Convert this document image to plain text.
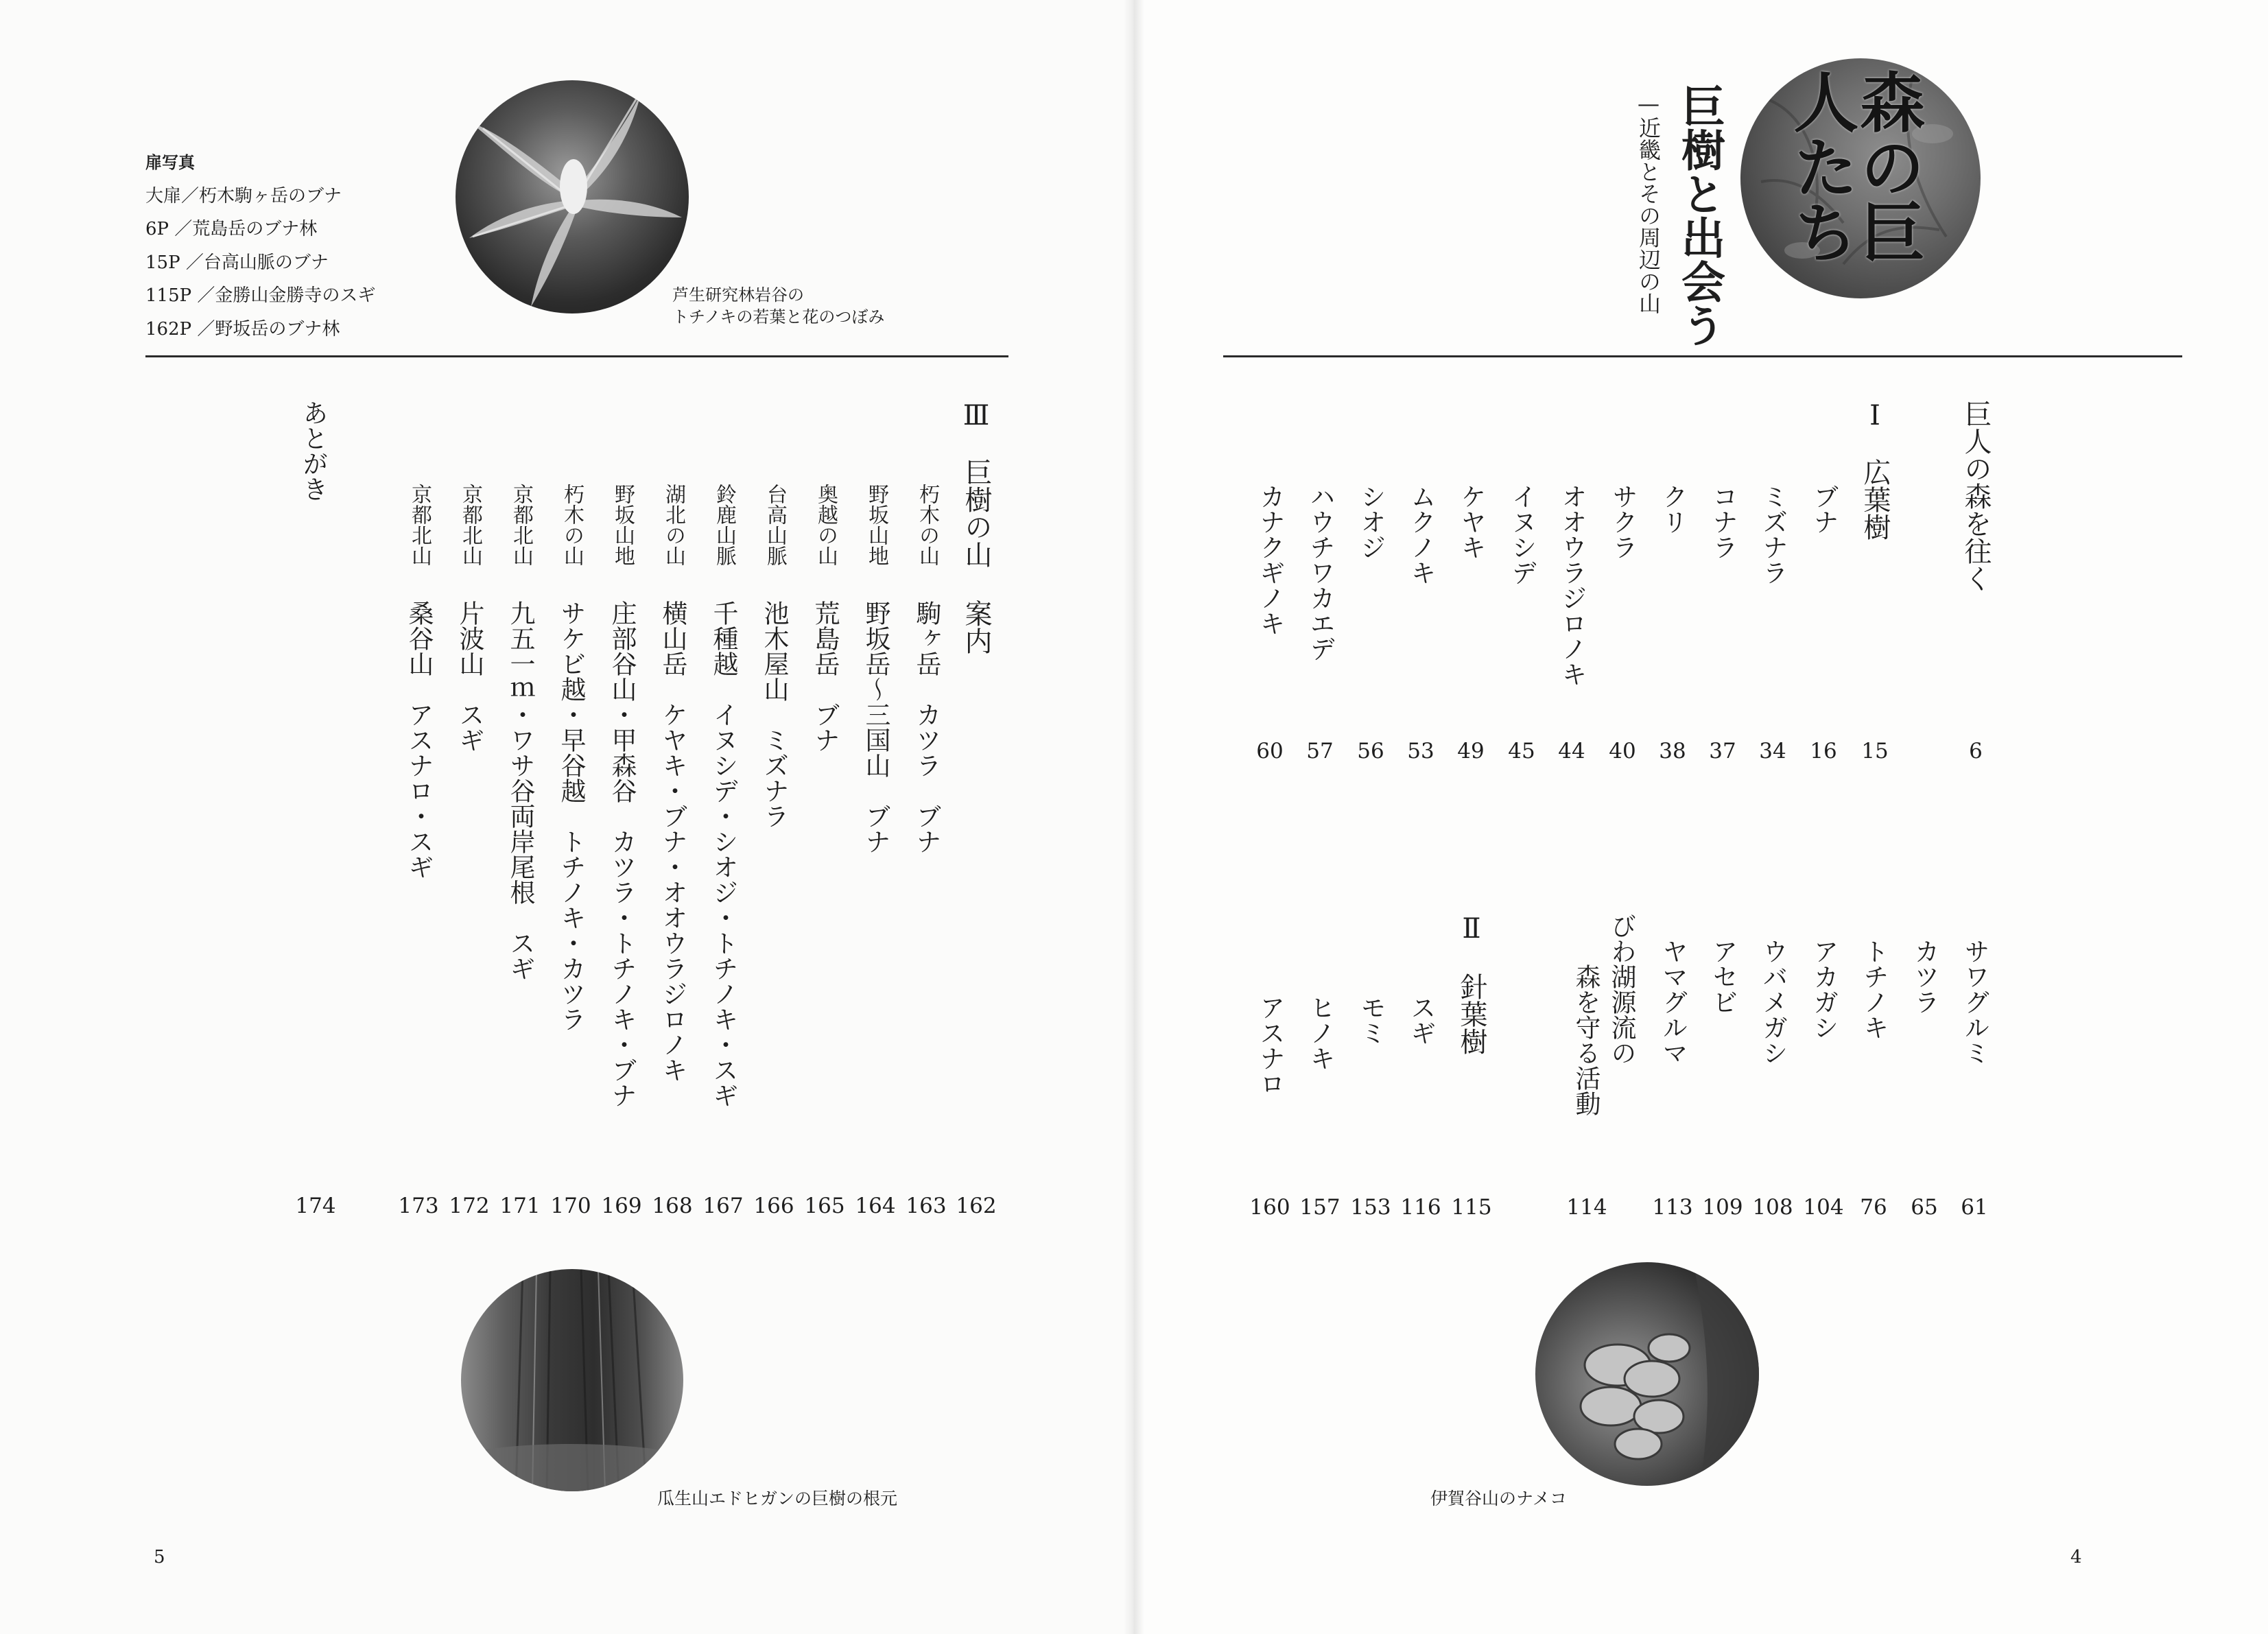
扉写真
大扉／朽木駒ヶ岳のブナ
6P ／荒島岳のブナ林
15P ／台高山脈のブナ
115P ／金勝山金勝寺のスギ
162P ／野坂岳のブナ林
芦生研究林岩谷の
トチノキの若葉と花のつぼみ
Ⅲ
巨樹の山 案内
162
朽木の山
駒ヶ岳　カツラ　ブナ
163
野坂山地
野坂岳〜三国山　ブナ
164
奥越の山
荒島岳　ブナ
165
台高山脈
池木屋山　ミズナラ
166
鈴鹿山脈
千種越　イヌシデ・シオジ・トチノキ・スギ
167
湖北の山
横山岳　ケヤキ・ブナ・オオウラジロノキ
168
野坂山地
庄部谷山・甲森谷　カツラ・トチノキ・ブナ
169
朽木の山
サケビ越・早谷越　トチノキ・カツラ
170
京都北山
九五一ｍ・ワサ谷両岸尾根　スギ
171
京都北山
片波山　スギ
172
京都北山
桑谷山　アスナロ・スギ
173
あとがき
174
瓜生山エドヒガンの巨樹の根元
5
森の巨人たち
巨樹と出会う
—近畿とその周辺の山
巨人の森を往く
6
Ⅰ
広葉樹
15
ブナ
16
ミズナラ
34
コナラ
37
クリ
38
サクラ
40
オオウラジロノキ
44
イヌシデ
45
ケヤキ
49
ムクノキ
53
シオジ
56
ハウチワカエデ
57
カナクギノキ
60
サワグルミ
61
カツラ
65
トチノキ
76
アカガシ
104
ウバメガシ
108
アセビ
109
ヤマグルマ
113
びわ湖源流の
森を守る活動
114
Ⅱ
針葉樹
115
スギ
116
モミ
153
ヒノキ
157
アスナロ
160
伊賀谷山のナメコ
4
